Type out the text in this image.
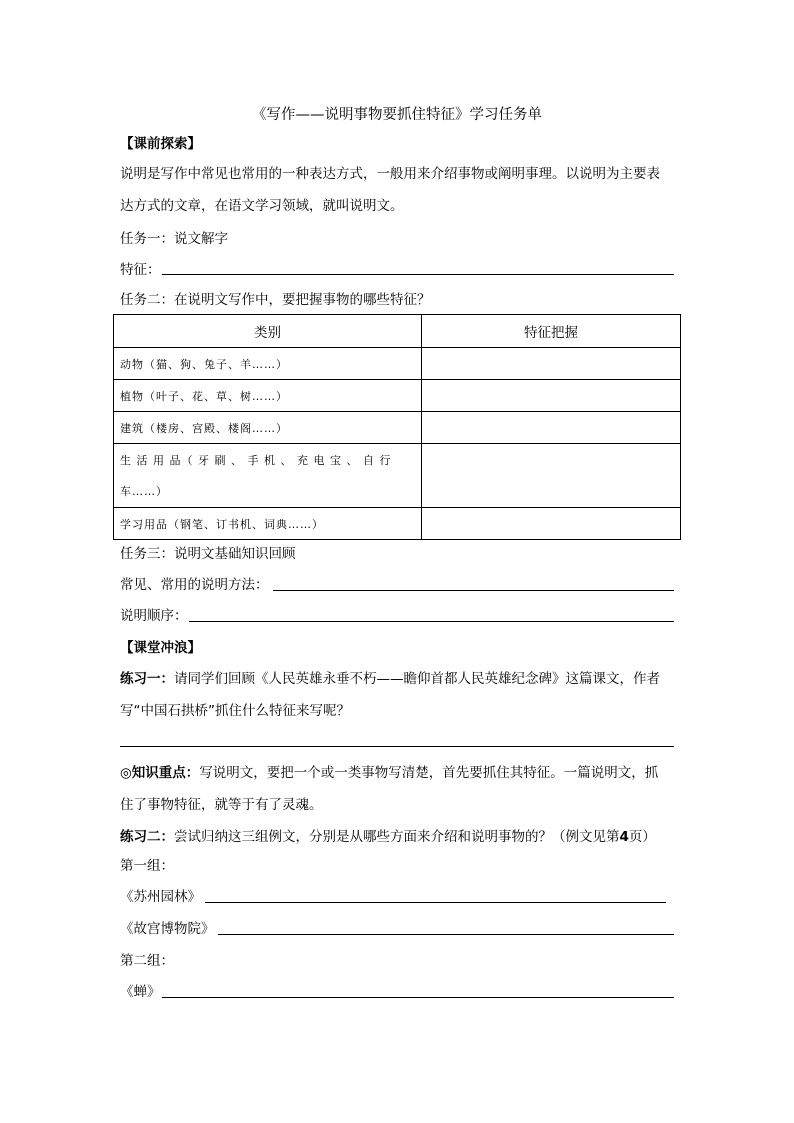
《写作——说明事物要抓住特征》学习任务单
【课前探索】
说明是写作中常见也常用的一种表达方式，一般用来介绍事物或阐明事理。以说明为主要表
达方式的文章，在语文学习领域，就叫说明文。
任务一：说文解字
特征：
任务二：在说明文写作中，要把握事物的哪些特征？
类别	特征把握
动物（猫、狗、兔子、羊……）	
植物（叶子、花、草、树……）	
建筑（楼房、宫殿、楼阁……）	

生 活 用 品（ 牙 刷 、 手 机 、 充 电 宝 、 自 行
车……）	

学习用品（钢笔、订书机、词典……）	
任务三：说明文基础知识回顾
常见、常用的说明方法：
说明顺序：
【课堂冲浪】
练习一：请同学们回顾《人民英雄永垂不朽——瞻仰首都人民英雄纪念碑》这篇课文，作者
写“中国石拱桥”抓住什么特征来写呢？
◎知识重点：写说明文，要把一个或一类事物写清楚，首先要抓住其特征。一篇说明文，抓
住了事物特征，就等于有了灵魂。
练习二：尝试归纳这三组例文，分别是从哪些方面来介绍和说明事物的？（例文见第4页）
第一组：
《苏州园林》
《故宫博物院》
第二组：
《蝉》
